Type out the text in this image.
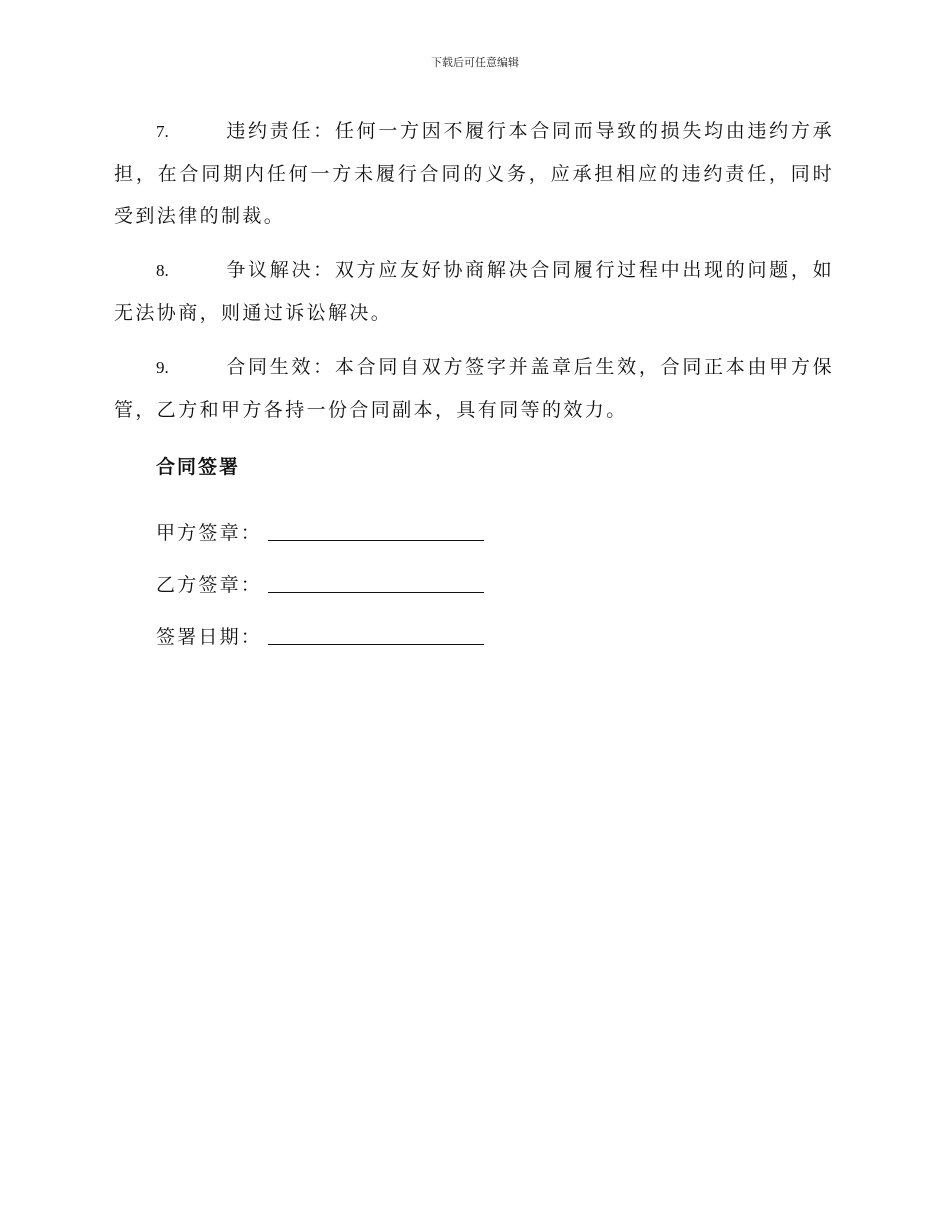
下载后可任意编辑

7.	违约责任：任何一方因不履行本合同而导致的损失均由违约方承担，在合同期内任何一方未履行合同的义务，应承担相应的违约责任，同时受到法律的制裁。

8.	争议解决：双方应友好协商解决合同履行过程中出现的问题，如无法协商，则通过诉讼解决。

9.	合同生效：本合同自双方签字并盖章后生效，合同正本由甲方保管，乙方和甲方各持一份合同副本，具有同等的效力。

合同签署
甲方签章：
乙方签章：
签署日期：
